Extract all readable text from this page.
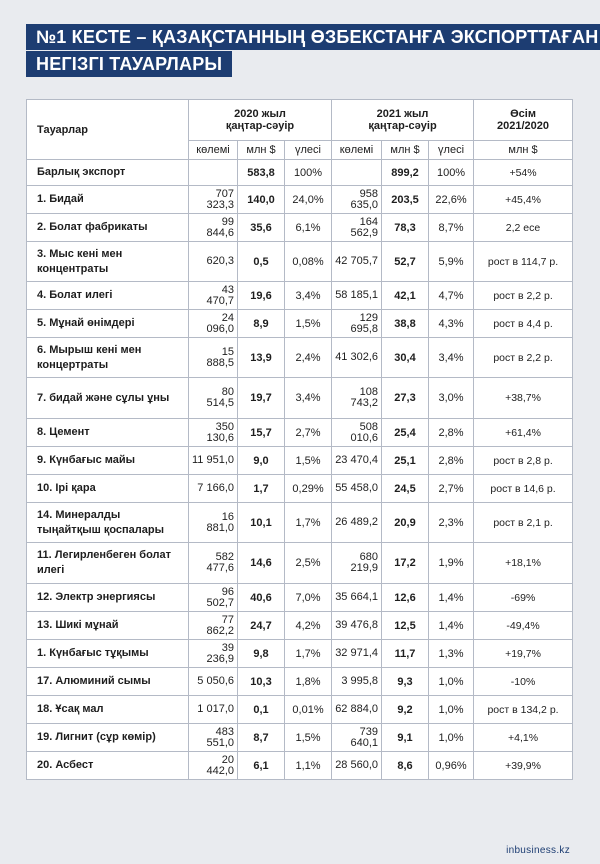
№1 КЕСТЕ – ҚАЗАҚСТАННЫҢ ӨЗБЕКСТАНҒА ЭКСПОРТТАҒАН
НЕГІЗГІ ТАУАРЛАРЫ
Тауарлар	2020 жыл
қаңтар-сәуір			2021 жыл
қаңтар-сәуір			Өсім
2021/2020
	көлемі	млн $	үлесі	көлемі	млн $	үлесі	млн $
Барлық экспорт		583,8	100%		899,2	100%	+54%
1. Бидай	707 323,3	140,0	24,0%	958 635,0	203,5	22,6%	+45,4%
2. Болат фабрикаты	99 844,6	35,6	6,1%	164 562,9	78,3	8,7%	2,2 есе
3. Мыс кені мен концентраты	620,3	0,5	0,08%	42 705,7	52,7	5,9%	рост в 114,7 р.
4. Болат илегі	43 470,7	19,6	3,4%	58 185,1	42,1	4,7%	рост в 2,2 р.
5. Мұнай өнімдері	24 096,0	8,9	1,5%	129 695,8	38,8	4,3%	рост в 4,4 р.
6. Мырыш кені мен концертраты	15 888,5	13,9	2,4%	41 302,6	30,4	3,4%	рост в 2,2 р.
7. бидай және сұлы ұны	80 514,5	19,7	3,4%	108 743,2	27,3	3,0%	+38,7%
8. Цемент	350 130,6	15,7	2,7%	508 010,6	25,4	2,8%	+61,4%
9. Күнбағыс майы	11 951,0	9,0	1,5%	23 470,4	25,1	2,8%	рост в 2,8 р.
10. Ірі қара	7 166,0	1,7	0,29%	55 458,0	24,5	2,7%	рост в 14,6 р.
14. Минералды тыңайтқыш қоспалары	16 881,0	10,1	1,7%	26 489,2	20,9	2,3%	рост в 2,1 р.
11. Легирленбеген болат илегі	582 477,6	14,6	2,5%	680 219,9	17,2	1,9%	+18,1%
12. Электр энергиясы	96 502,7	40,6	7,0%	35 664,1	12,6	1,4%	-69%
13. Шикі мұнай	77 862,2	24,7	4,2%	39 476,8	12,5	1,4%	-49,4%
1. Күнбағыс тұқымы	39 236,9	9,8	1,7%	32 971,4	11,7	1,3%	+19,7%
17. Алюминий сымы	5 050,6	10,3	1,8%	3 995,8	9,3	1,0%	-10%
18. Ұсақ мал	1 017,0	0,1	0,01%	62 884,0	9,2	1,0%	рост в 134,2 р.
19. Лигнит (сұр көмір)	483 551,0	8,7	1,5%	739 640,1	9,1	1,0%	+4,1%
20. Асбест	20 442,0	6,1	1,1%	28 560,0	8,6	0,96%	+39,9%
inbusiness.kz
